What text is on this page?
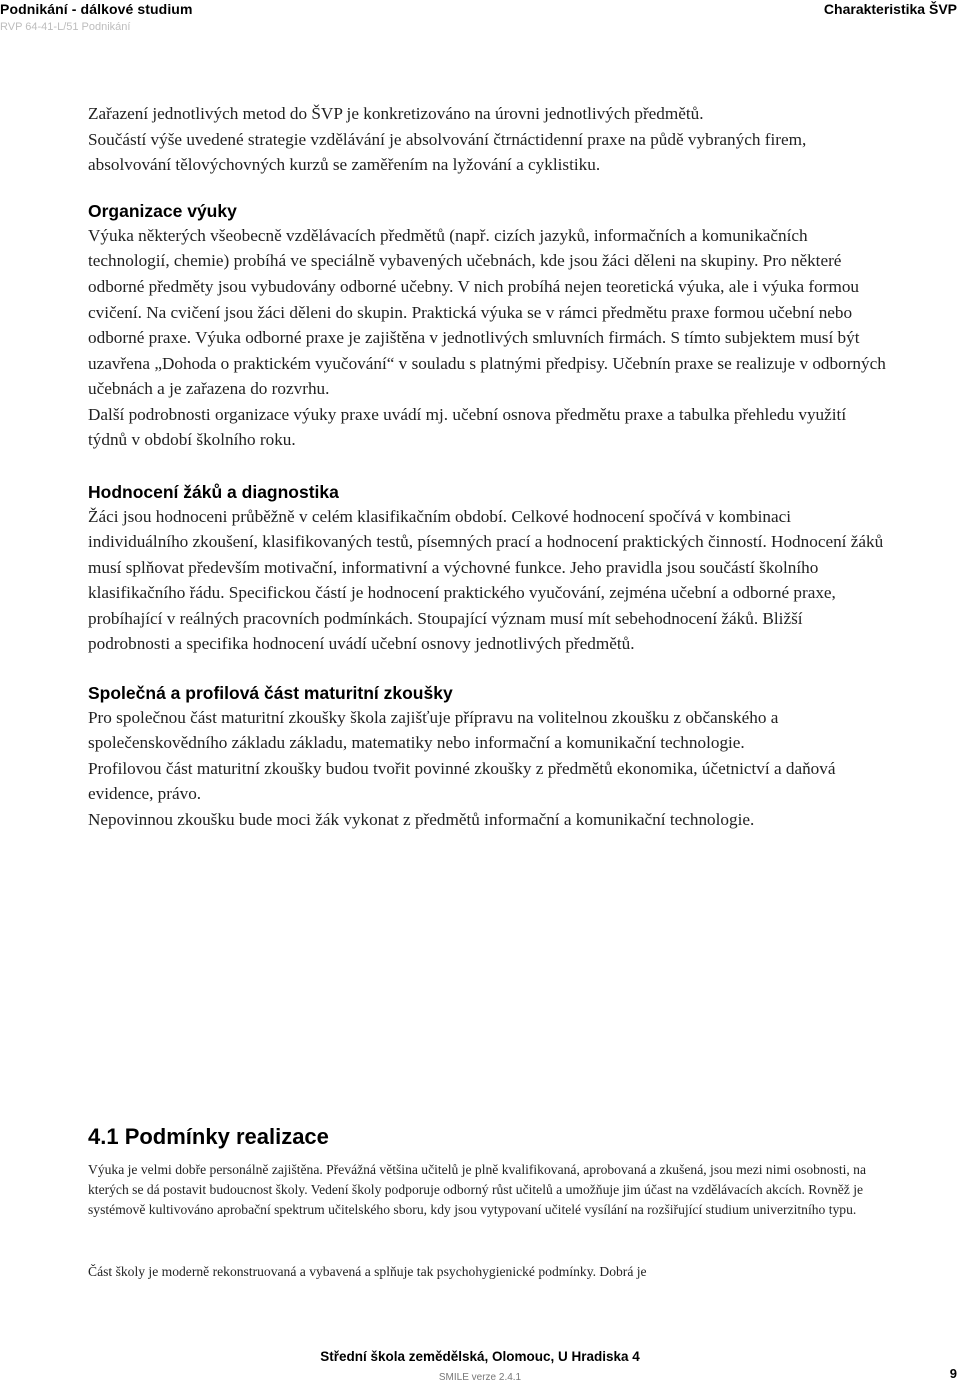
Podnikání - dálkové studium
RVP 64-41-L/51 Podnikání
Charakteristika ŠVP

Zařazení jednotlivých metod do ŠVP je konkretizováno na úrovni jednotlivých předmětů.

Součástí výše uvedené strategie vzdělávání je absolvování čtrnáctidenní praxe na půdě vybraných firem, absolvování tělovýchovných kurzů se zaměřením na lyžování a cyklistiku.

Organizace výuky

Výuka některých všeobecně vzdělávacích předmětů (např. cizích jazyků, informačních a komunikačních technologií, chemie) probíhá ve speciálně vybavených učebnách, kde jsou žáci děleni na skupiny. Pro některé odborné předměty jsou vybudovány odborné učebny. V nich probíhá nejen teoretická výuka, ale i výuka formou cvičení. Na cvičení jsou žáci děleni do skupin. Praktická výuka se v rámci předmětu praxe formou učební nebo odborné praxe. Výuka odborné praxe je zajištěna v jednotlivých smluvních firmách. S tímto subjektem musí být uzavřena „Dohoda o praktickém vyučování“ v souladu s platnými předpisy. Učebnín praxe se realizuje v odborných učebnách a je zařazena do rozvrhu.

Další podrobnosti organizace výuky praxe uvádí mj. učební osnova předmětu praxe a tabulka přehledu využití týdnů v období školního roku.

Hodnocení žáků a diagnostika

Žáci jsou hodnoceni průběžně v celém klasifikačním období. Celkové hodnocení spočívá v kombinaci individuálního zkoušení, klasifikovaných testů, písemných prací a hodnocení praktických činností. Hodnocení žáků musí splňovat především motivační, informativní a výchovné funkce. Jeho pravidla jsou součástí školního klasifikačního řádu. Specifickou částí je hodnocení praktického vyučování, zejména učební a odborné praxe, probíhající v reálných pracovních podmínkách. Stoupající význam musí mít sebehodnocení žáků. Bližší podrobnosti a specifika hodnocení uvádí učební osnovy jednotlivých předmětů.

Společná a profilová část maturitní zkoušky

Pro společnou část maturitní zkoušky škola zajišťuje přípravu na volitelnou zkoušku z občanského a společenskovědního základu základu, matematiky nebo informační a komunikační technologie.

Profilovou část maturitní zkoušky budou tvořit povinné zkoušky z předmětů ekonomika, účetnictví a daňová evidence, právo.

Nepovinnou zkoušku bude moci žák vykonat z předmětů informační a komunikační technologie.

4.1 Podmínky realizace

Výuka je velmi dobře personálně zajištěna. Převážná většina učitelů je plně kvalifikovaná, aprobovaná a zkušená, jsou mezi nimi osobnosti, na kterých se dá postavit budoucnost školy. Vedení školy podporuje odborný růst učitelů a umožňuje jim účast na vzdělávacích akcích. Rovněž je systémově kultivováno aprobační spektrum učitelského sboru, kdy jsou vytypovaní učitelé vysílání na rozšiřující studium univerzitního typu.

Část školy je moderně rekonstruovaná a vybavená a splňuje tak psychohygienické podmínky. Dobrá je

Střední škola zemědělská, Olomouc, U Hradiska 4
SMILE verze 2.4.1	9
